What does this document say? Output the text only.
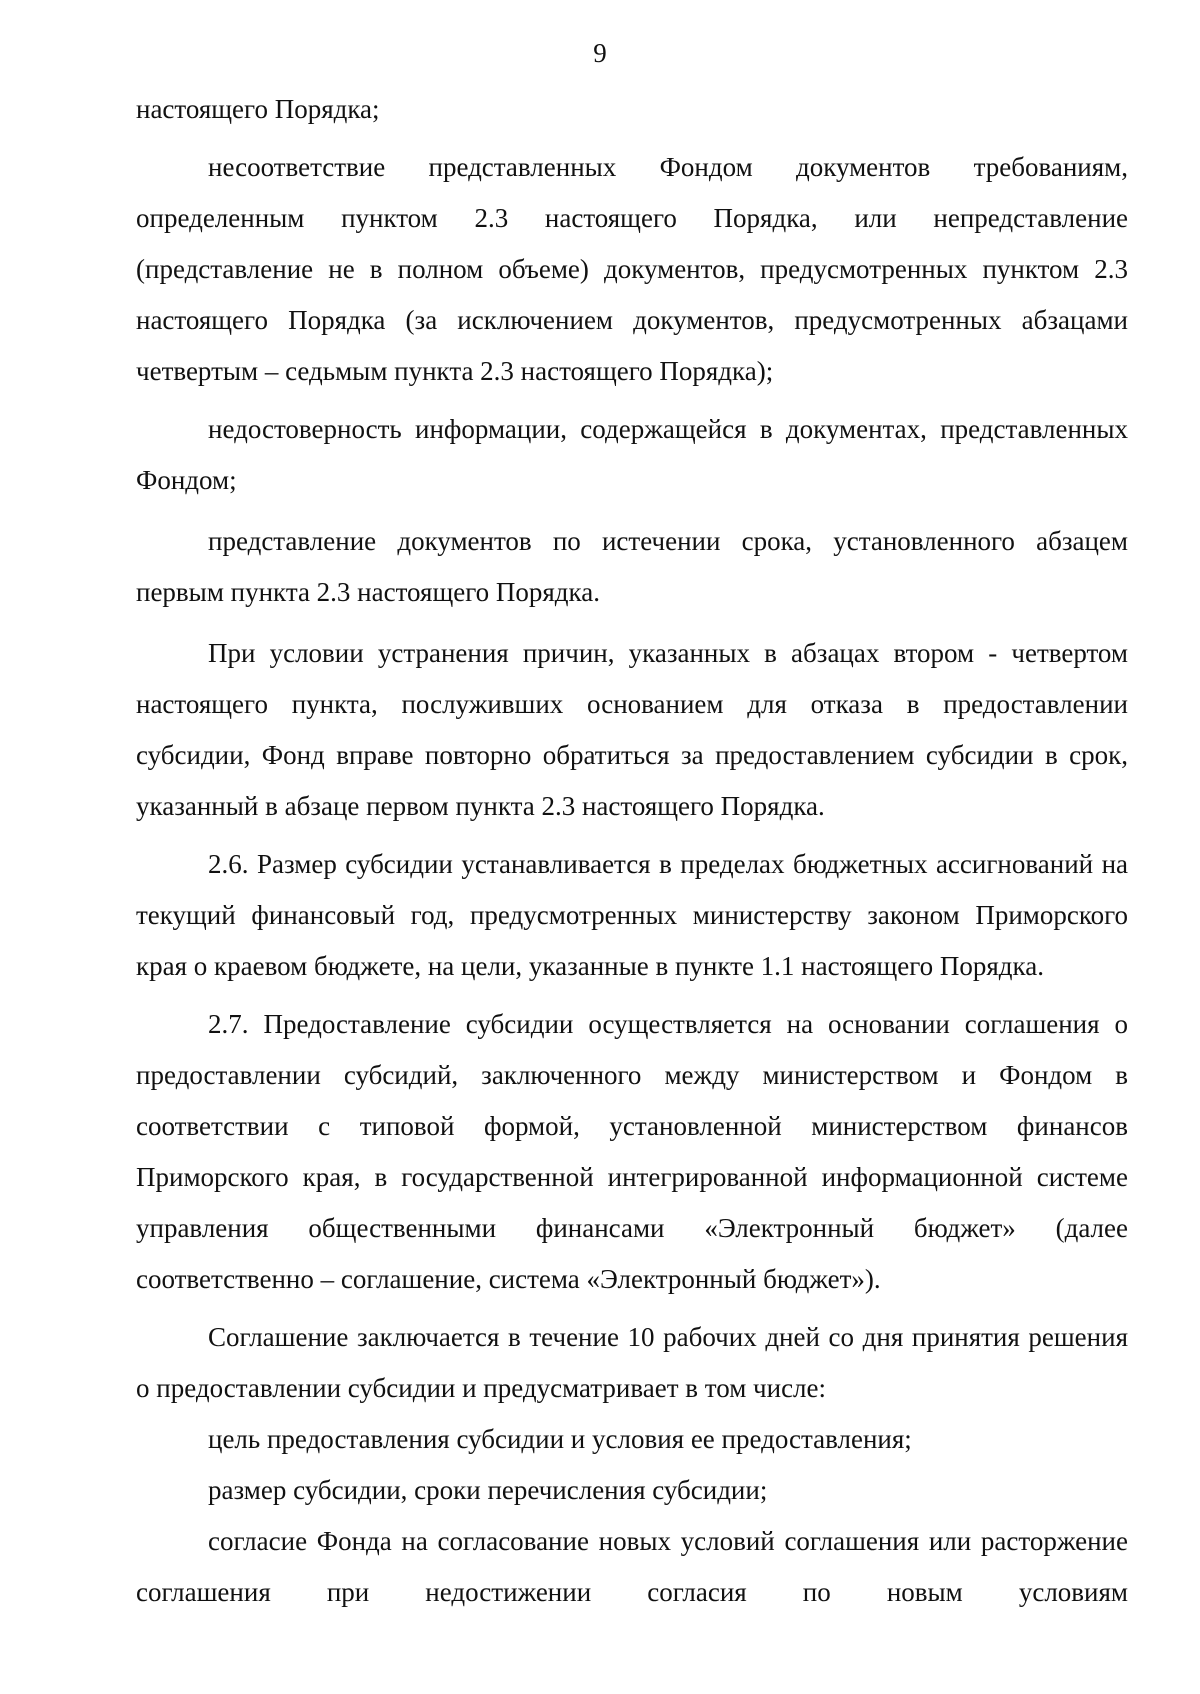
9

настоящего Порядка;

несоответствие представленных Фондом документов требованиям, определенным пунктом 2.3 настоящего Порядка, или непредставление (представление не в полном объеме) документов, предусмотренных пунктом 2.3 настоящего Порядка (за исключением документов, предусмотренных абзацами четвертым – седьмым пункта 2.3 настоящего Порядка);

недостоверность информации, содержащейся в документах, представленных Фондом;

представление документов по истечении срока, установленного абзацем первым пункта 2.3 настоящего Порядка.

При условии устранения причин, указанных в абзацах втором - четвертом настоящего пункта, послуживших основанием для отказа в предоставлении субсидии, Фонд вправе повторно обратиться за предоставлением субсидии в срок, указанный в абзаце первом пункта 2.3 настоящего Порядка.

2.6. Размер субсидии устанавливается в пределах бюджетных ассигнований на текущий финансовый год, предусмотренных министерству законом Приморского края о краевом бюджете, на цели, указанные в пункте 1.1 настоящего Порядка.

2.7. Предоставление субсидии осуществляется на основании соглашения о предоставлении субсидий, заключенного между министерством и Фондом в соответствии с типовой формой, установленной министерством финансов Приморского края, в государственной интегрированной информационной системе управления общественными финансами «Электронный бюджет» (далее соответственно – соглашение, система «Электронный бюджет»).

Соглашение заключается в течение 10 рабочих дней со дня принятия решения о предоставлении субсидии и предусматривает в том числе:

цель предоставления субсидии и условия ее предоставления;

размер субсидии, сроки перечисления субсидии;

согласие Фонда на согласование новых условий соглашения или расторжение соглашения при недостижении согласия по новым условиям
